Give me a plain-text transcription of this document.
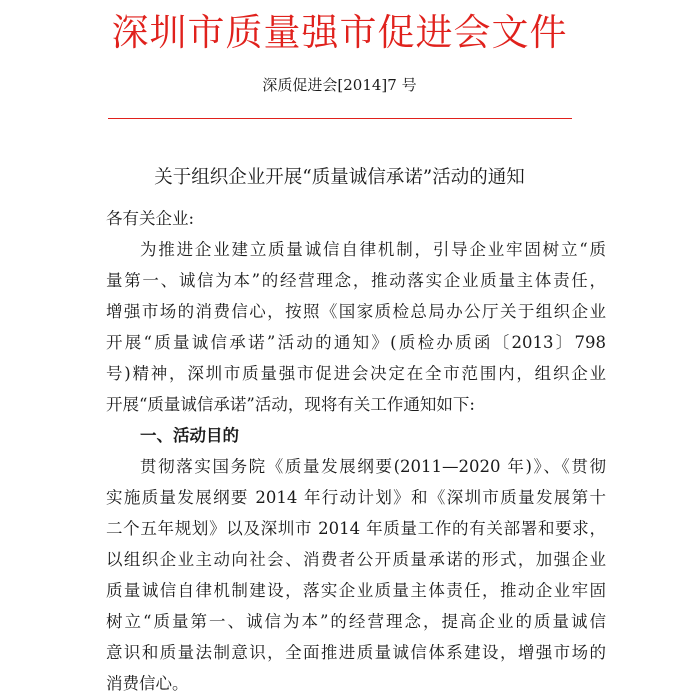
深圳市质量强市促进会文件
深质促进会[2014]7 号
关于组织企业开展“质量诚信承诺”活动的通知
各有关企业:
为推进企业建立质量诚信自律机制，引导企业牢固树立“质
量第一、诚信为本”的经营理念，推动落实企业质量主体责任，
增强市场的消费信心，按照《国家质检总局办公厅关于组织企业
开展“质量诚信承诺”活动的通知》(质检办质函〔2013〕798
号)精神，深圳市质量强市促进会决定在全市范围内，组织企业
开展“质量诚信承诺”活动，现将有关工作通知如下:
一、活动目的
贯彻落实国务院《质量发展纲要(2011—2020 年)》、《贯彻
实施质量发展纲要 2014 年行动计划》和《深圳市质量发展第十
二个五年规划》以及深圳市 2014 年质量工作的有关部署和要求，
以组织企业主动向社会、消费者公开质量承诺的形式，加强企业
质量诚信自律机制建设，落实企业质量主体责任，推动企业牢固
树立“质量第一、诚信为本”的经营理念，提高企业的质量诚信
意识和质量法制意识，全面推进质量诚信体系建设，增强市场的
消费信心。
